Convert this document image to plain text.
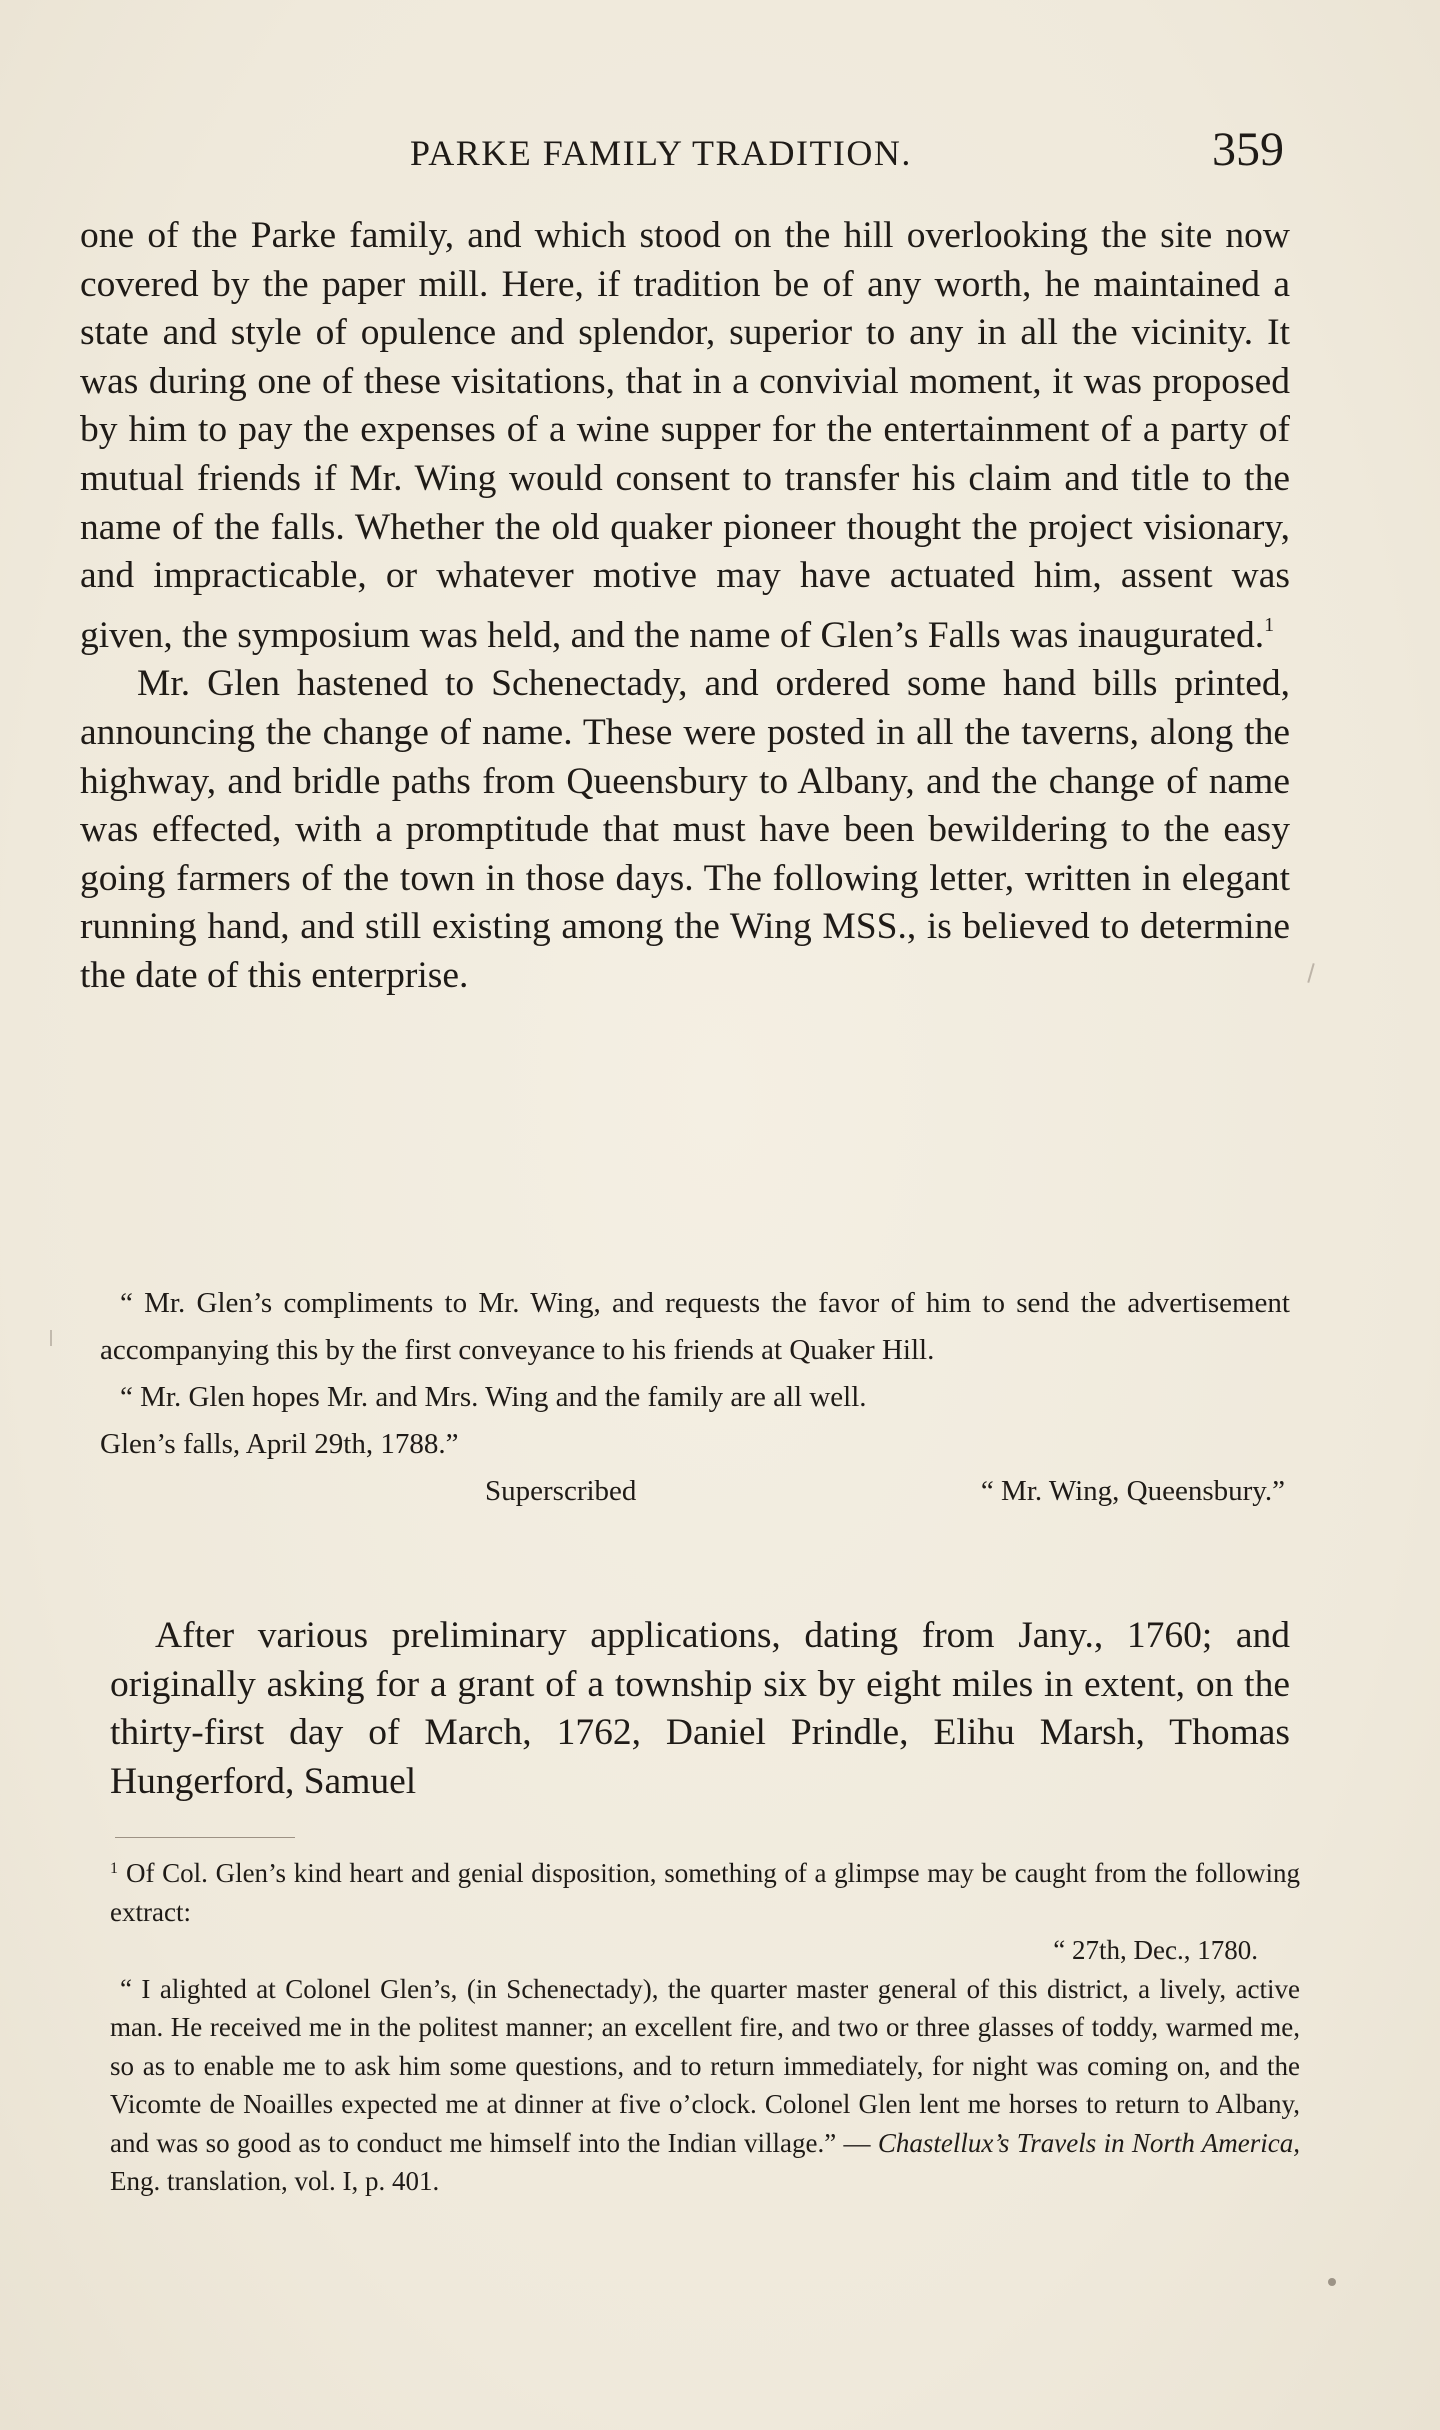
PARKE FAMILY TRADITION.	359

one of the Parke family, and which stood on the hill overlooking the site now covered by the paper mill. Here, if tradition be of any worth, he maintained a state and style of opulence and splendor, superior to any in all the vicinity. It was during one of these visitations, that in a convivial moment, it was proposed by him to pay the expenses of a wine supper for the entertainment of a party of mutual friends if Mr. Wing would consent to transfer his claim and title to the name of the falls. Whether the old quaker pioneer thought the project visionary, and impracticable, or whatever motive may have actuated him, assent was given, the symposium was held, and the name of Glen’s Falls was inaugurated.$^1$

Mr. Glen hastened to Schenectady, and ordered some hand bills printed, announcing the change of name. These were posted in all the taverns, along the highway, and bridle paths from Queensbury to Albany, and the change of name was effected, with a promptitude that must have been bewildering to the easy going farmers of the town in those days. The following letter, written in elegant running hand, and still existing among the Wing MSS., is believed to determine the date of this enterprise.

“ Mr. Glen’s compliments to Mr. Wing, and requests the favor of him to send the advertisement accompanying this by the first conveyance to his friends at Quaker Hill.

“ Mr. Glen hopes Mr. and Mrs. Wing and the family are all well.

Glen’s falls, April 29th, 1788.”

Superscribed	“ Mr. Wing, Queensbury.”

After various preliminary applications, dating from Jany., 1760; and originally asking for a grant of a township six by eight miles in extent, on the thirty-first day of March, 1762, Daniel Prindle, Elihu Marsh, Thomas Hungerford, Samuel

$^1$ Of Col. Glen’s kind heart and genial disposition, something of a glimpse may be caught from the following extract:

“ 27th, Dec., 1780.

“ I alighted at Colonel Glen’s, (in Schenectady), the quarter master general of this district, a lively, active man. He received me in the politest manner; an excellent fire, and two or three glasses of toddy, warmed me, so as to enable me to ask him some questions, and to return immediately, for night was coming on, and the Vicomte de Noailles expected me at dinner at five o’clock. Colonel Glen lent me horses to return to Albany, and was so good as to conduct me himself into the Indian village.” — Chastellux’s Travels in North America, Eng. translation, vol. I, p. 401.
